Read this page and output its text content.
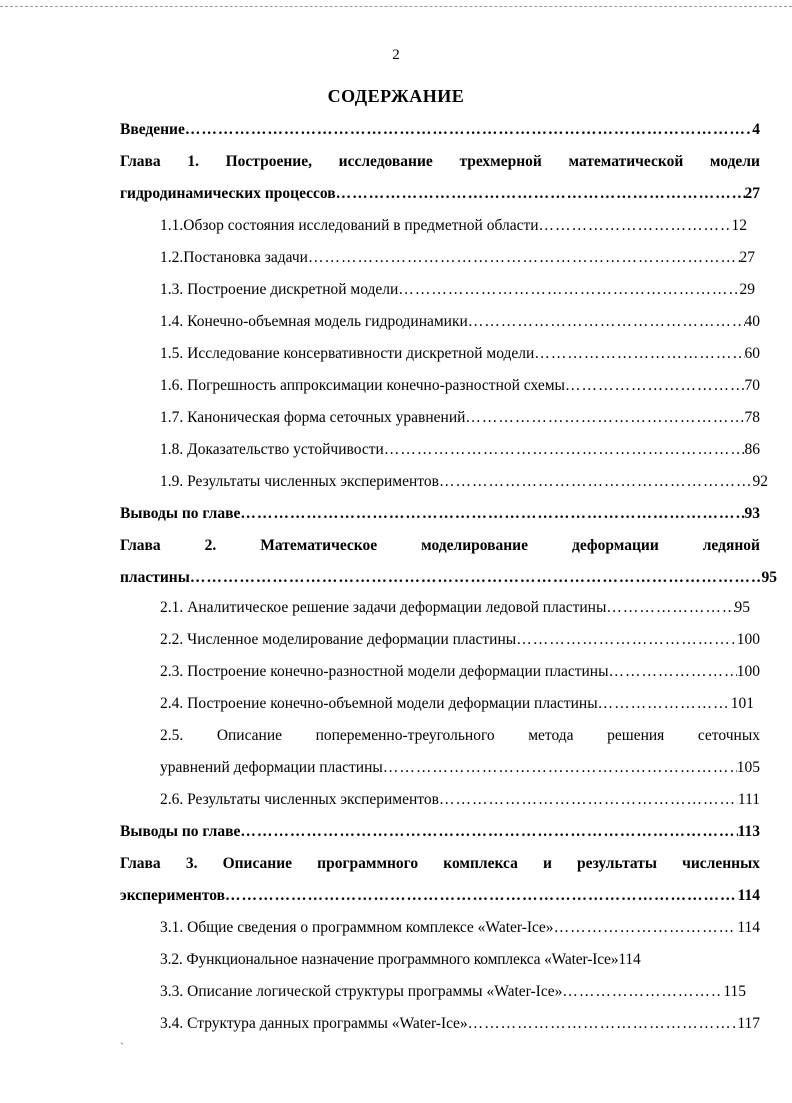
2
СОДЕРЖАНИЕ
Введение …………………………………………………………………………………………………………………………………………………………………………………………………………………	4
Глава 1. Построение, исследование трехмерной математической модели
гидродинамических процессов …………………………………………………………………………………………………………………………………………………………………………………………………………………	27
1.1.Обзор состояния исследований в предметной области …………………………………………………………………………………………………………………………………………………………………………………………………………………	12
1.2.Постановка задачи …………………………………………………………………………………………………………………………………………………………………………………………………………………	27
1.3. Построение дискретной модели …………………………………………………………………………………………………………………………………………………………………………………………………………………	29
1.4. Конечно-объемная модель гидродинамики …………………………………………………………………………………………………………………………………………………………………………………………………………………	40
1.5. Исследование консервативности дискретной модели …………………………………………………………………………………………………………………………………………………………………………………………………………………	60
1.6. Погрешность аппроксимации конечно-разностной схемы …………………………………………………………………………………………………………………………………………………………………………………………………………………	70
1.7. Каноническая форма сеточных уравнений …………………………………………………………………………………………………………………………………………………………………………………………………………………	78
1.8. Доказательство устойчивости …………………………………………………………………………………………………………………………………………………………………………………………………………………	86
1.9. Результаты численных экспериментов …………………………………………………………………………………………………………………………………………………………………………………………………………………	92
Выводы по главе …………………………………………………………………………………………………………………………………………………………………………………………………………………	93
Глава	2.	Математическое	моделирование	деформации	ледяной
пластины …………………………………………………………………………………………………………………………………………………………………………………………………………………	95
2.1. Аналитическое решение задачи деформации ледовой пластины …………………………………………………………………………………………………………………………………………………………………………………………………………………	95
2.2. Численное моделирование деформации пластины …………………………………………………………………………………………………………………………………………………………………………………………………………………	100
2.3. Построение конечно-разностной модели деформации пластины …………………………………………………………………………………………………………………………………………………………………………………………………………………	100
2.4. Построение конечно-объемной модели деформации пластины …………………………………………………………………………………………………………………………………………………………………………………………………………………	101
2.5. Описание попеременно-треугольного метода решения сеточных
уравнений деформации пластины …………………………………………………………………………………………………………………………………………………………………………………………………………………	105
2.6. Результаты численных экспериментов …………………………………………………………………………………………………………………………………………………………………………………………………………………	111
Выводы по главе …………………………………………………………………………………………………………………………………………………………………………………………………………………	113
Глава 3. Описание программного комплекса и результаты численных
экспериментов …………………………………………………………………………………………………………………………………………………………………………………………………………………	114
3.1. Общие сведения о программном комплексе «Water-Ice» …………………………………………………………………………………………………………………………………………………………………………………………………………………	114
3.2. Функциональное назначение программного комплекса «Water-Ice» 114
3.3. Описание логической структуры программы «Water-Ice» …………………………………………………………………………………………………………………………………………………………………………………………………………………	115
3.4. Структура данных программы «Water-Ice» …………………………………………………………………………………………………………………………………………………………………………………………………………………	117
`
